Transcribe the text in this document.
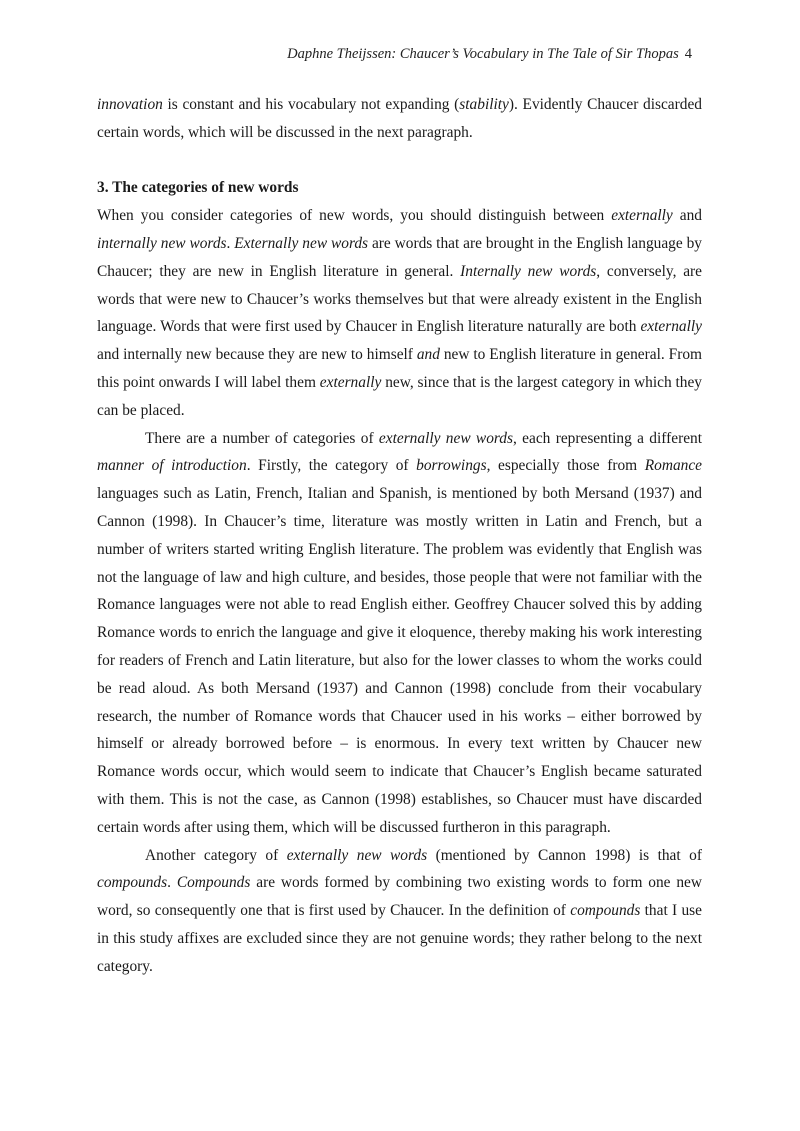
Daphne Theijssen: Chaucer’s Vocabulary in The Tale of Sir Thopas 4

innovation is constant and his vocabulary not expanding (stability). Evidently Chaucer discarded certain words, which will be discussed in the next paragraph.

3. The categories of new words

When you consider categories of new words, you should distinguish between externally and internally new words. Externally new words are words that are brought in the English language by Chaucer; they are new in English literature in general. Internally new words, conversely, are words that were new to Chaucer’s works themselves but that were already existent in the English language. Words that were first used by Chaucer in English literature naturally are both externally and internally new because they are new to himself and new to English literature in general. From this point onwards I will label them externally new, since that is the largest category in which they can be placed.

There are a number of categories of externally new words, each representing a different manner of introduction. Firstly, the category of borrowings, especially those from Romance languages such as Latin, French, Italian and Spanish, is mentioned by both Mersand (1937) and Cannon (1998). In Chaucer’s time, literature was mostly written in Latin and French, but a number of writers started writing English literature. The problem was evidently that English was not the language of law and high culture, and besides, those people that were not familiar with the Romance languages were not able to read English either. Geoffrey Chaucer solved this by adding Romance words to enrich the language and give it eloquence, thereby making his work interesting for readers of French and Latin literature, but also for the lower classes to whom the works could be read aloud. As both Mersand (1937) and Cannon (1998) conclude from their vocabulary research, the number of Romance words that Chaucer used in his works – either borrowed by himself or already borrowed before – is enormous. In every text written by Chaucer new Romance words occur, which would seem to indicate that Chaucer’s English became saturated with them. This is not the case, as Cannon (1998) establishes, so Chaucer must have discarded certain words after using them, which will be discussed furtheron in this paragraph.

Another category of externally new words (mentioned by Cannon 1998) is that of compounds. Compounds are words formed by combining two existing words to form one new word, so consequently one that is first used by Chaucer. In the definition of compounds that I use in this study affixes are excluded since they are not genuine words; they rather belong to the next category.
